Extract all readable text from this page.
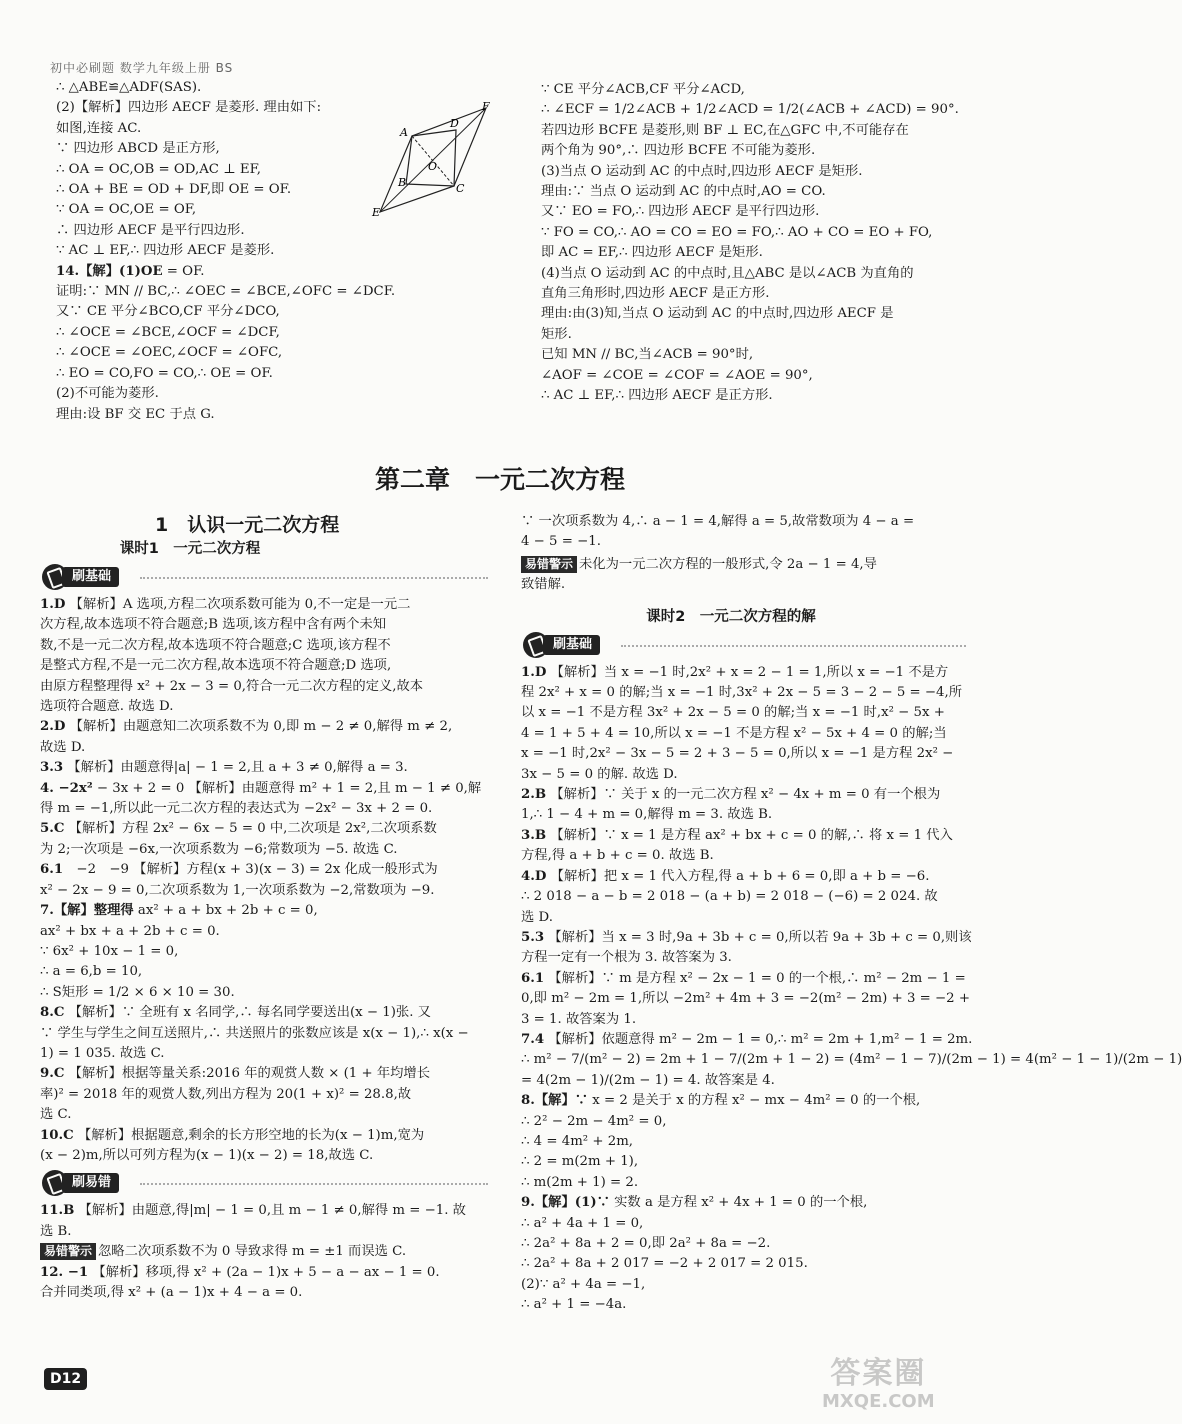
初中必刷题 数学九年级上册 BS
∴ △ABE≌△ADF(SAS).
(2)【解析】四边形 AECF 是菱形. 理由如下:
如图,连接 AC.
∵ 四边形 ABCD 是正方形,
∴ OA = OC,OB = OD,AC ⊥ EF,
∴ OA + BE = OD + DF,即 OE = OF.
∵ OA = OC,OE = OF,
∴ 四边形 AECF 是平行四边形.
∵ AC ⊥ EF,∴ 四边形 AECF 是菱形.
14.【解】(1)OE = OF.
证明:∵ MN // BC,∴ ∠OEC = ∠BCE,∠OFC = ∠DCF.
又∵ CE 平分∠BCO,CF 平分∠DCO,
∴ ∠OCE = ∠BCE,∠OCF = ∠DCF,
∴ ∠OCE = ∠OEC,∠OCF = ∠OFC,
∴ EO = CO,FO = CO,∴ OE = OF.
(2)不可能为菱形.
理由:设 BF 交 EC 于点 G.
A
D
F
O
B	C
E
∵ CE 平分∠ACB,CF 平分∠ACD,
∴ ∠ECF = 1/2∠ACB + 1/2∠ACD = 1/2(∠ACB + ∠ACD) = 90°.
若四边形 BCFE 是菱形,则 BF ⊥ EC,在△GFC 中,不可能存在
两个角为 90°,∴ 四边形 BCFE 不可能为菱形.
(3)当点 O 运动到 AC 的中点时,四边形 AECF 是矩形.
理由:∵ 当点 O 运动到 AC 的中点时,AO = CO.
又∵ EO = FO,∴ 四边形 AECF 是平行四边形.
∵ FO = CO,∴ AO = CO = EO = FO,∴ AO + CO = EO + FO,
即 AC = EF,∴ 四边形 AECF 是矩形.
(4)当点 O 运动到 AC 的中点时,且△ABC 是以∠ACB 为直角的
直角三角形时,四边形 AECF 是正方形.
理由:由(3)知,当点 O 运动到 AC 的中点时,四边形 AECF 是
矩形.
已知 MN // BC,当∠ACB = 90°时,
∠AOF = ∠COE = ∠COF = ∠AOE = 90°,
∴ AC ⊥ EF,∴ 四边形 AECF 是正方形.
第二章　一元二次方程
1　认识一元二次方程
课时1　一元二次方程
刷基础
1.D 【解析】A 选项,方程二次项系数可能为 0,不一定是一元二
次方程,故本选项不符合题意;B 选项,该方程中含有两个未知
数,不是一元二次方程,故本选项不符合题意;C 选项,该方程不
是整式方程,不是一元二次方程,故本选项不符合题意;D 选项,
由原方程整理得 x² + 2x − 3 = 0,符合一元二次方程的定义,故本
选项符合题意. 故选 D.
2.D 【解析】由题意知二次项系数不为 0,即 m − 2 ≠ 0,解得 m ≠ 2,
故选 D.
3.3 【解析】由题意得|a| − 1 = 2,且 a + 3 ≠ 0,解得 a = 3.
4. −2x² − 3x + 2 = 0 【解析】由题意得 m² + 1 = 2,且 m − 1 ≠ 0,解
得 m = −1,所以此一元二次方程的表达式为 −2x² − 3x + 2 = 0.
5.C 【解析】方程 2x² − 6x − 5 = 0 中,二次项是 2x²,二次项系数
为 2;一次项是 −6x,一次项系数为 −6;常数项为 −5. 故选 C.
6.1　−2　−9 【解析】方程(x + 3)(x − 3) = 2x 化成一般形式为
x² − 2x − 9 = 0,二次项系数为 1,一次项系数为 −2,常数项为 −9.
7.【解】整理得 ax² + a + bx + 2b + c = 0,
ax² + bx + a + 2b + c = 0.
∵ 6x² + 10x − 1 = 0,
∴ a = 6,b = 10,
∴ S矩形 = 1/2 × 6 × 10 = 30.
8.C 【解析】∵ 全班有 x 名同学,∴ 每名同学要送出(x − 1)张. 又
∵ 学生与学生之间互送照片,∴ 共送照片的张数应该是 x(x − 1),∴ x(x −
1) = 1 035. 故选 C.
9.C 【解析】根据等量关系:2016 年的观赏人数 × (1 + 年均增长
率)² = 2018 年的观赏人数,列出方程为 20(1 + x)² = 28.8,故
选 C.
10.C 【解析】根据题意,剩余的长方形空地的长为(x − 1)m,宽为
(x − 2)m,所以可列方程为(x − 1)(x − 2) = 18,故选 C.
刷易错
11.B 【解析】由题意,得|m| − 1 = 0,且 m − 1 ≠ 0,解得 m = −1. 故
选 B.
易错警示 忽略二次项系数不为 0 导致求得 m = ±1 而误选 C.
12. −1 【解析】移项,得 x² + (2a − 1)x + 5 − a − ax − 1 = 0.
合并同类项,得 x² + (a − 1)x + 4 − a = 0.
∵ 一次项系数为 4,∴ a − 1 = 4,解得 a = 5,故常数项为 4 − a =
4 − 5 = −1.
易错警示 未化为一元二次方程的一般形式,令 2a − 1 = 4,导
致错解.
课时2　一元二次方程的解
刷基础
1.D 【解析】当 x = −1 时,2x² + x = 2 − 1 = 1,所以 x = −1 不是方
程 2x² + x = 0 的解;当 x = −1 时,3x² + 2x − 5 = 3 − 2 − 5 = −4,所
以 x = −1 不是方程 3x² + 2x − 5 = 0 的解;当 x = −1 时,x² − 5x +
4 = 1 + 5 + 4 = 10,所以 x = −1 不是方程 x² − 5x + 4 = 0 的解;当
x = −1 时,2x² − 3x − 5 = 2 + 3 − 5 = 0,所以 x = −1 是方程 2x² −
3x − 5 = 0 的解. 故选 D.
2.B 【解析】∵ 关于 x 的一元二次方程 x² − 4x + m = 0 有一个根为
1,∴ 1 − 4 + m = 0,解得 m = 3. 故选 B.
3.B 【解析】∵ x = 1 是方程 ax² + bx + c = 0 的解,∴ 将 x = 1 代入
方程,得 a + b + c = 0. 故选 B.
4.D 【解析】把 x = 1 代入方程,得 a + b + 6 = 0,即 a + b = −6.
∴ 2 018 − a − b = 2 018 − (a + b) = 2 018 − (−6) = 2 024. 故
选 D.
5.3 【解析】当 x = 3 时,9a + 3b + c = 0,所以若 9a + 3b + c = 0,则该
方程一定有一个根为 3. 故答案为 3.
6.1 【解析】∵ m 是方程 x² − 2x − 1 = 0 的一个根,∴ m² − 2m − 1 =
0,即 m² − 2m = 1,所以 −2m² + 4m + 3 = −2(m² − 2m) + 3 = −2 +
3 = 1. 故答案为 1.
7.4 【解析】依题意得 m² − 2m − 1 = 0,∴ m² = 2m + 1,m² − 1 = 2m.
∴ m² − 7/(m² − 2) = 2m + 1 − 7/(2m + 1 − 2) = (4m² − 1 − 7)/(2m − 1) = 4(m² − 1 − 1)/(2m − 1)
= 4(2m − 1)/(2m − 1) = 4. 故答案是 4.
8.【解】∵ x = 2 是关于 x 的方程 x² − mx − 4m² = 0 的一个根,
∴ 2² − 2m − 4m² = 0,
∴ 4 = 4m² + 2m,
∴ 2 = m(2m + 1),
∴ m(2m + 1) = 2.
9.【解】(1)∵ 实数 a 是方程 x² + 4x + 1 = 0 的一个根,
∴ a² + 4a + 1 = 0,
∴ 2a² + 8a + 2 = 0,即 2a² + 8a = −2.
∴ 2a² + 8a + 2 017 = −2 + 2 017 = 2 015.
(2)∵ a² + 4a = −1,
∴ a² + 1 = −4a.
D12	答案圈
MXQE.COM
